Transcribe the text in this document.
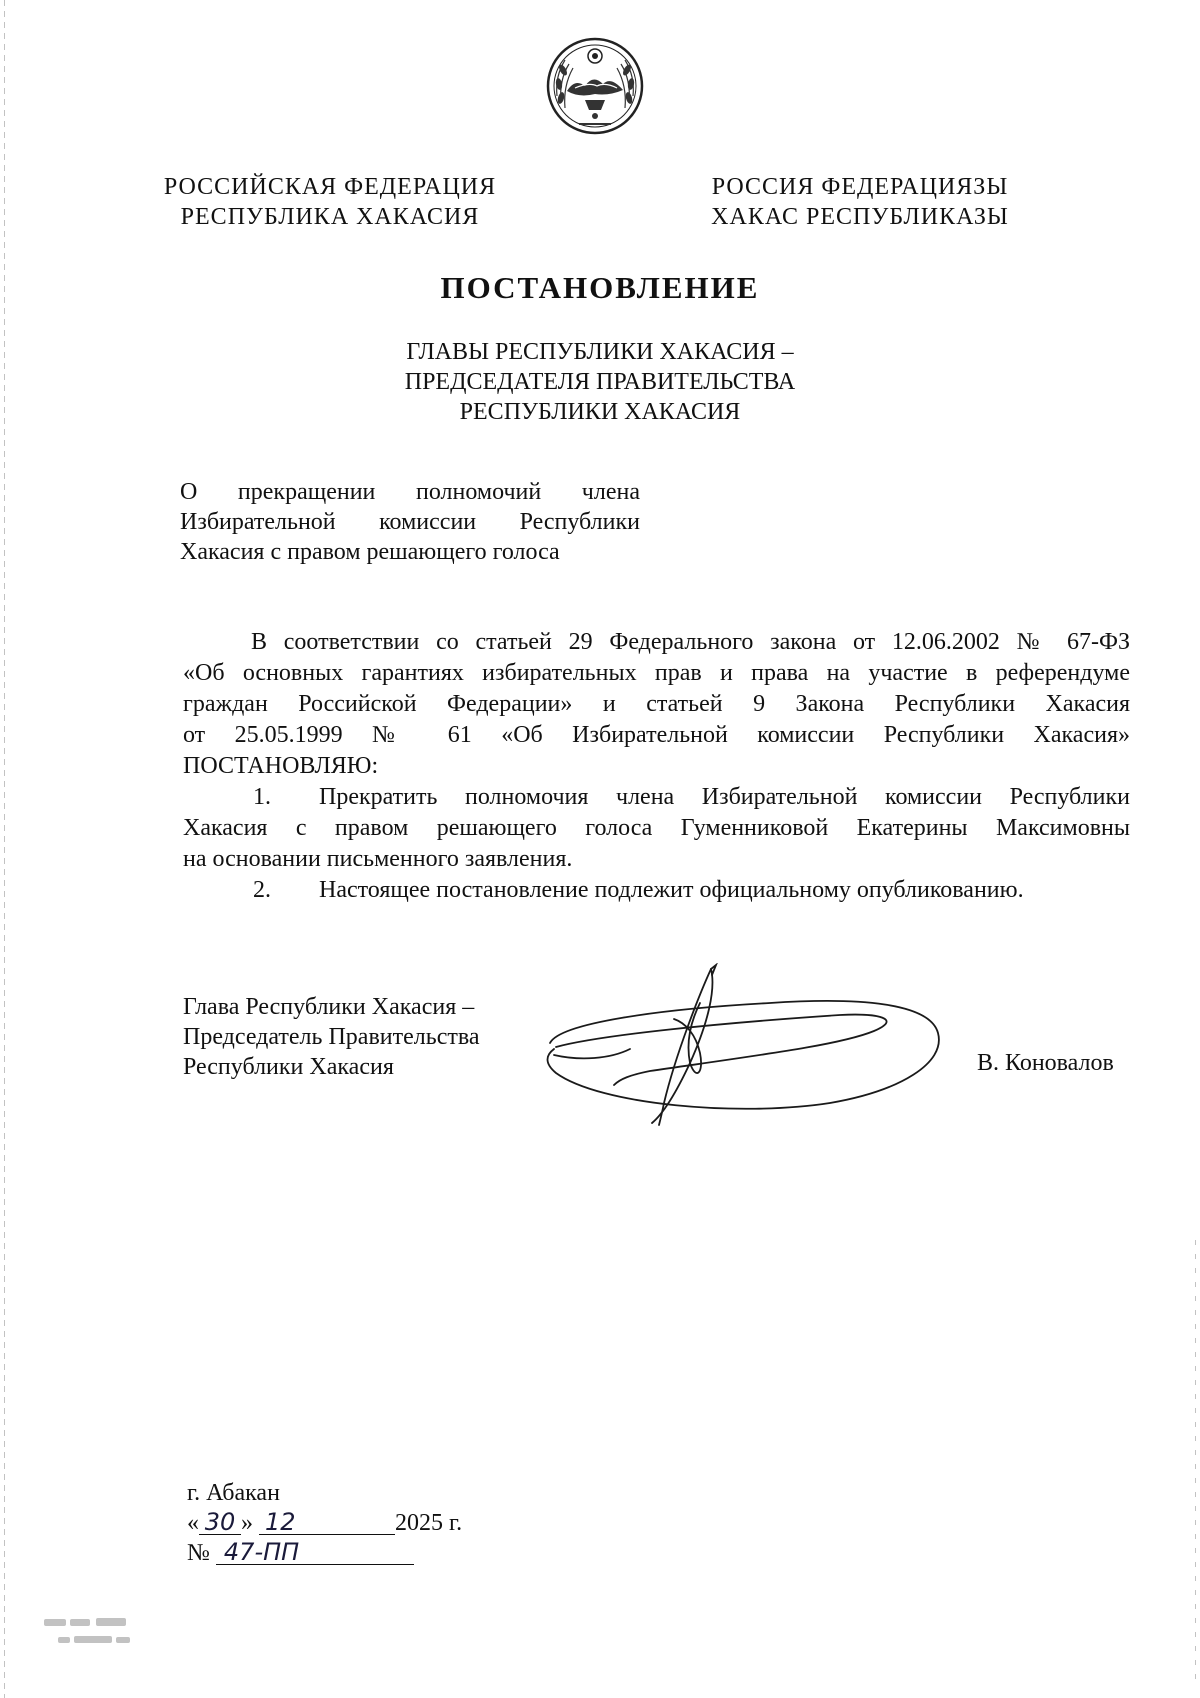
РОССИЙСКАЯ ФЕДЕРАЦИЯ
РЕСПУБЛИКА ХАКАСИЯ
РОССИЯ ФЕДЕРАЦИЯЗЫ
ХАКАС РЕСПУБЛИКАЗЫ
ПОСТАНОВЛЕНИЕ
ГЛАВЫ РЕСПУБЛИКИ ХАКАСИЯ –
ПРЕДСЕДАТЕЛЯ ПРАВИТЕЛЬСТВА
РЕСПУБЛИКИ ХАКАСИЯ
О прекращении полномочий члена
Избирательной комиссии Республики
Хакасия с правом решающего голоса
В соответствии со статьей 29 Федерального закона от 12.06.2002 № 67-ФЗ
«Об основных гарантиях избирательных прав и права на участие в референдуме
граждан Российской Федерации» и статьей 9 Закона Республики Хакасия
от 25.05.1999 № 61 «Об Избирательной комиссии Республики Хакасия»
ПОСТАНОВЛЯЮ:
1. Прекратить полномочия члена Избирательной комиссии Республики
Хакасия с правом решающего голоса Гуменниковой Екатерины Максимовны
на основании письменного заявления.
2. Настоящее постановление подлежит официальному опубликованию.
Глава Республики Хакасия –
Председатель Правительства
Республики Хакасия	В. Коновалов
г. Абакан
« 30 » 12	2025 г.
№ 47-ПП
